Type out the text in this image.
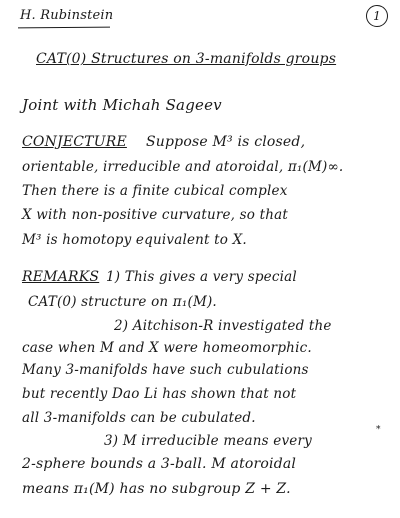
H. Rubinstein	1
CAT(0) Structures on 3-manifolds groups
Joint with Michah Sageev
CONJECTURE Suppose M³ is closed,
orientable, irreducible and atoroidal, π₁(M)∞.
Then there is a finite cubical complex
X with non-positive curvature, so that
M³ is homotopy equivalent to X.
REMARKS 1) This gives a very special
CAT(0) structure on π₁(M).
2) Aitchison-R investigated the
case when M and X were homeomorphic.
Many 3-manifolds have such cubulations
but recently Dao Li has shown that not
all 3-manifolds can be cubulated.
3) M irreducible means every
2-sphere bounds a 3-ball. M atoroidal
means π₁(M) has no subgroup Z + Z.
*
